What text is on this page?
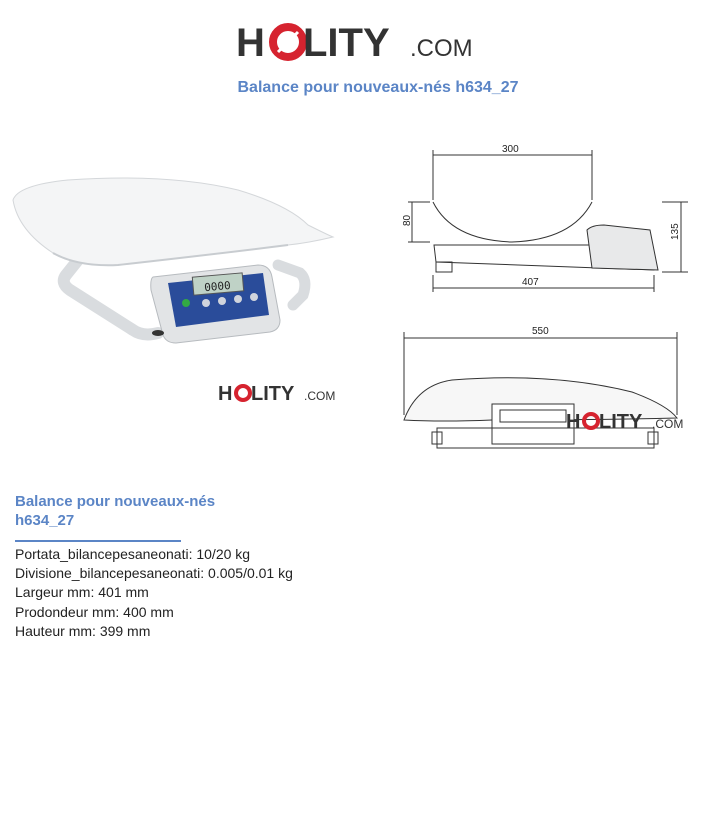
H LITY .COM
Balance pour nouveaux-nés h634_27
0000
H LITY .COM
300
80
135
407
550
H LITY .COM
Balance pour nouveaux-nés
h634_27
Portata_bilancepesaneonati: 10/20 kg
Divisione_bilancepesaneonati: 0.005/0.01 kg
Largeur mm: 401 mm
Prodondeur mm: 400 mm
Hauteur mm: 399 mm
